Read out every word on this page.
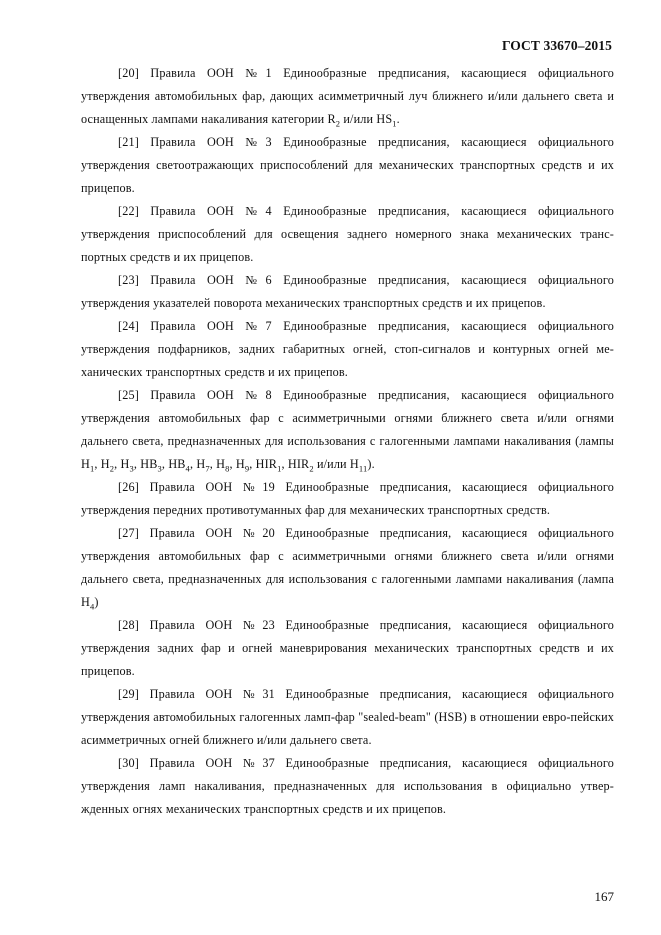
ГОСТ 33670–2015

[20] Правила ООН №1 Единообразные предписания, касающиеся официального утверждения автомобильных фар, дающих асимметричный луч ближнего и/или дальнего света и оснащенных лампами накаливания категории $R_2$ и/или $HS_1$.

[21] Правила ООН №3 Единообразные предписания, касающиеся официального утверждения светоотражающих приспособлений для механических транспортных средств и их прицепов.

[22] Правила ООН №4 Единообразные предписания, касающиеся официального утверждения приспособлений для освещения заднего номерного знака механических транс-портных средств и их прицепов.

[23] Правила ООН №6 Единообразные предписания, касающиеся официального утверждения указателей поворота механических транспортных средств и их прицепов.

[24] Правила ООН №7 Единообразные предписания, касающиеся официального утверждения подфарников, задних габаритных огней, стоп-сигналов и контурных огней ме-ханических транспортных средств и их прицепов.

[25] Правила ООН №8 Единообразные предписания, касающиеся официального утверждения автомобильных фар с асимметричными огнями ближнего света и/или огнями дальнего света, предназначенных для использования с галогенными лампами накаливания (лампы $H_1$, $H_2$, $H_3$, $HB_3$, $HB_4$, $H_7$, $H_8$, $H_9$, $HIR_1$, $HIR_2$ и/или $H_{11}$).

[26] Правила ООН №19 Единообразные предписания, касающиеся официального утверждения передних противотуманных фар для механических транспортных средств.

[27] Правила ООН №20 Единообразные предписания, касающиеся официального утверждения автомобильных фар с асимметричными огнями ближнего света и/или огнями дальнего света, предназначенных для использования с галогенными лампами накаливания (лампа $H_4$)

[28] Правила ООН №23 Единообразные предписания, касающиеся официального утверждения задних фар и огней маневрирования механических транспортных средств и их прицепов.

[29] Правила ООН №31 Единообразные предписания, касающиеся официального утверждения автомобильных галогенных ламп-фар "sealed-beam" (HSB) в отношении евро-пейских асимметричных огней ближнего и/или дальнего света.

[30] Правила ООН №37 Единообразные предписания, касающиеся официального утверждения ламп накаливания, предназначенных для использования в официально утвер-жденных огнях механических транспортных средств и их прицепов.

167
